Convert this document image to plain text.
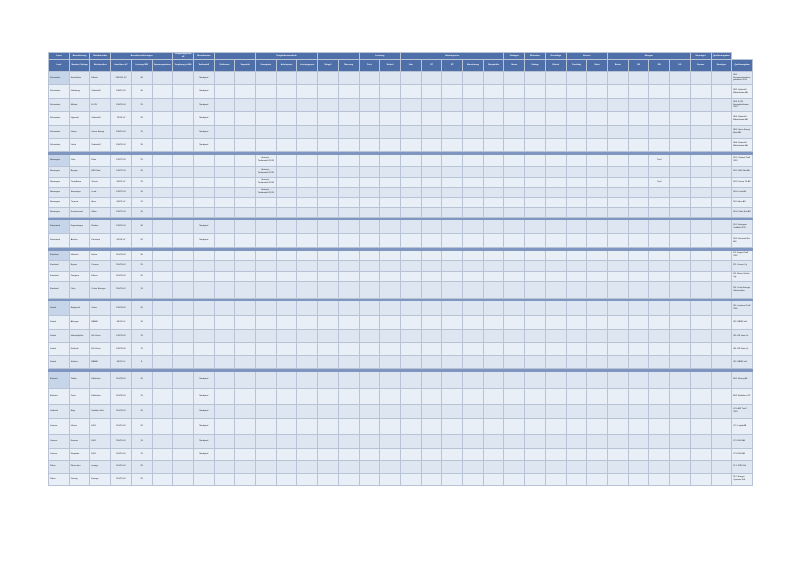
Land	Bezeichnung	Netzbetreiber	Anschlussleistungen			Vergütungsmodell	Stromkosten			Entgeltbestandteile					Leistung		Arbeitspreise					Umlagen	Einheiten	Zuschläge	Kosten		Mengen				Sonstiges	Quellenangaben	
Land	Standort / Anlage	Netzbetreiber	Anschluss kV	Leistung MW	Spannungsebene	Vergütung je kWh	Tarifmodell	Zeitfenster	Kapazität	Grundpreis	Arbeitspreis	Leistungspreis	Entgelt	Messung	Preis	Einheit	Jahr	HT	NT	Abrechnung	Netzgebühr	Steuer	Umlage	Einheit	Zuschlag	Netto	Brutto	NS	MS	HS	Summe	Sonstiges	Quellenangaben
Schweden	Stockholm	Ellevio	230/110 kV	40			Nordpool																										SE1: Energimarknadsinspektionen 2019
Schweden	Göteborg	Vattenfall	130/10 kV	30			Nordpool																										SE2: Vattenfall Eldistribution AB
Schweden	Malmö	E.ON	130/20 kV	25			Nordpool																										SE3: E.ON Energidistribution 2019
Schweden	Uppsala	Vattenfall	70/10 kV	20			Nordpool																										SE4: Vattenfall Eldistribution AB
Schweden	Umeå	Umeå Energi	130/10 kV	15			Nordpool																										SE5: Umeå Energi Elnät AB
Schweden	Luleå	Vattenfall	130/20 kV	35			Nordpool																										SE6: Vattenfall Eldistribution AB

Norwegen	Oslo	Elvia	132/22 kV	25						Statnett – Tarifmodell 2019																			Tarif				NO1: Statnett Tariff 2019
Norwegen	Bergen	BKK Nett	132/22 kV	20						Statnett – Tarifmodell 2019																							NO2: BKK Nett AS
Norwegen	Trondheim	Tensio	66/22 kV	15						Statnett – Tarifmodell 2019																			Tarif				NO3: Tensio TS AS
Norwegen	Stavanger	Lnett	132/22 kV	10						Statnett – Tarifmodell 2019																							NO4: Lnett AS
Norwegen	Tromsø	Arva	66/22 kV	12																													NO5: Arva AS
Norwegen	Kristiansand	Glitre	132/22 kV	10																													NO6: Glitre Nett AS

Dänemark	Kopenhagen	Radius	132/50 kV	30			Nordpool																										DK1: Energinet Tarifblad 2019
Dänemark	Aarhus	Konstant	60/10 kV	20			Nordpool																										DK2: Konstant Net A/S

Finnland	Helsinki	Helen	110/20 kV	30																													FI1: Fingrid Tariff 2019
Finnland	Espoo	Caruna	110/20 kV	25																													FI2: Caruna Oy
Finnland	Tampere	Elenia	110/20 kV	20																													FI3: Elenia Verkko Oyj
Finnland	Oulu	Oulun Energia	110/20 kV	15																													FI4: Oulun Energia Sähköverkko

Island	Reykjavík	Veitur	132/33 kV	20																													IS1: Landsnet Tariff 2019
Island	Akureyri	RARIK	66/11 kV	10																													IS2: RARIK ohf.
Island	Hafnarfjörður	HS Veitur	132/33 kV	15																													IS3: HS Veitur hf.
Island	Keflavík	HS Veitur	132/33 kV	12																													IS4: HS Veitur hf.
Island	Selfoss	RARIK	66/11 kV	8																													IS5: RARIK ohf.

Estland	Tallinn	Elektrilevi	110/35 kV	20			Nordpool																										EE1: Elering AS
Estland	Tartu	Elektrilevi	110/35 kV	15			Nordpool																										EE2: Elektrilevi OÜ
Lettland	Riga	Sadales tīkls	110/20 kV	20			Nordpool																										LV1: AST Tariff 2019
Litauen	Vilnius	ESO	110/10 kV	20			Nordpool																										LT1: Litgrid AB
Litauen	Kaunas	ESO	110/10 kV	15			Nordpool																										LT2: ESO AB
Litauen	Klaipėda	ESO	110/10 kV	12			Nordpool																										LT3: ESO AB
Polen	Warschau	innogy	110/15 kV	25																													PL1: PSE S.A.
Polen	Danzig	Energa	110/15 kV	20																													PL2: Energa Operator S.A.
